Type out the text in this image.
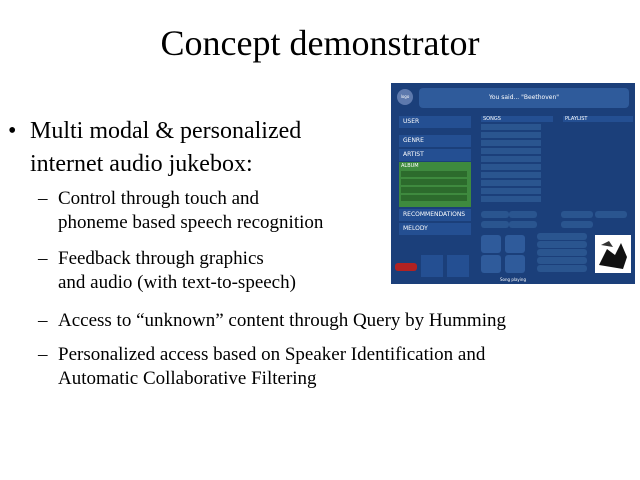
Concept demonstrator
• Multi modal & personalized
internet audio jukebox:
– Control through touch and
phoneme based speech recognition
– Feedback through graphics
and audio (with text-to-speech)
– Access to “unknown” content through Query by Humming
– Personalized access based on Speaker Identification and
Automatic Collaborative Filtering
logo	You said... "Beethoven"
USER
GENRE
ARTIST
ALBUM
RECOMMENDATIONS
MELODY
SONGS	PLAYLIST
Song playing
